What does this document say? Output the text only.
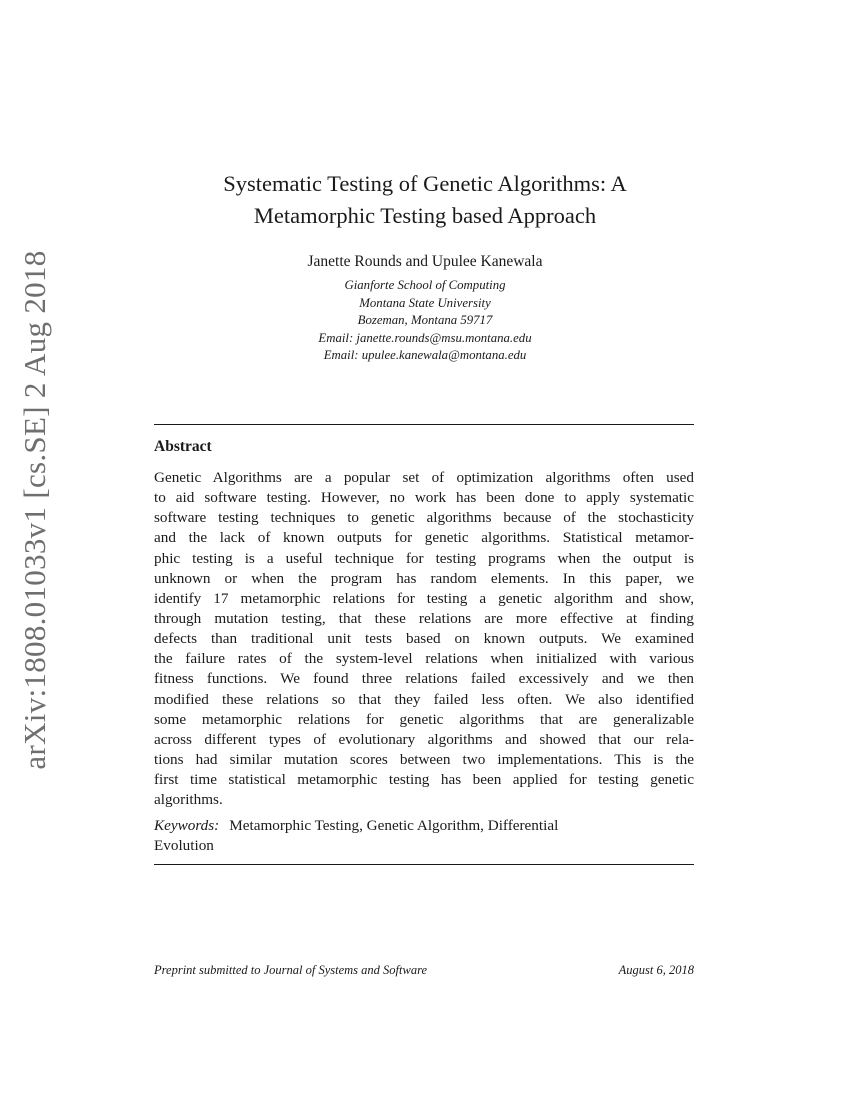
arXiv:1808.01033v1 [cs.SE] 2 Aug 2018
Systematic Testing of Genetic Algorithms: A
Metamorphic Testing based Approach
Janette Rounds and Upulee Kanewala
Gianforte School of Computing
Montana State University
Bozeman, Montana 59717
Email: janette.rounds@msu.montana.edu
Email: upulee.kanewala@montana.edu
Abstract
Genetic Algorithms are a popular set of optimization algorithms often used
to aid software testing. However, no work has been done to apply systematic
software testing techniques to genetic algorithms because of the stochasticity
and the lack of known outputs for genetic algorithms. Statistical metamor-
phic testing is a useful technique for testing programs when the output is
unknown or when the program has random elements. In this paper, we
identify 17 metamorphic relations for testing a genetic algorithm and show,
through mutation testing, that these relations are more effective at finding
defects than traditional unit tests based on known outputs. We examined
the failure rates of the system-level relations when initialized with various
fitness functions. We found three relations failed excessively and we then
modified these relations so that they failed less often. We also identified
some metamorphic relations for genetic algorithms that are generalizable
across different types of evolutionary algorithms and showed that our rela-
tions had similar mutation scores between two implementations. This is the
first time statistical metamorphic testing has been applied for testing genetic
algorithms.
Keywords: Metamorphic Testing, Genetic Algorithm, Differential
Evolution
Preprint submitted to Journal of Systems and Software	August 6, 2018
